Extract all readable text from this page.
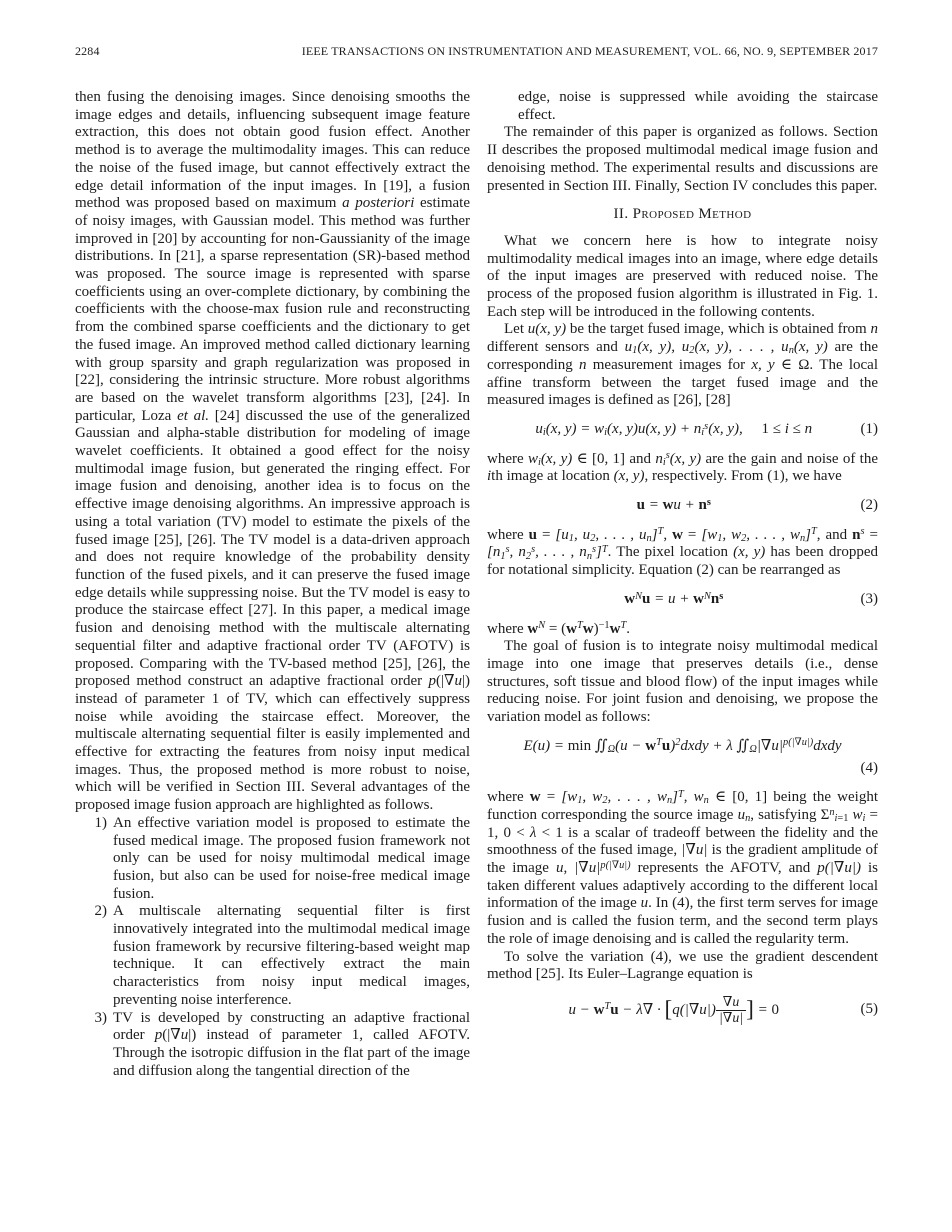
2284	IEEE TRANSACTIONS ON INSTRUMENTATION AND MEASUREMENT, VOL. 66, NO. 9, SEPTEMBER 2017

then fusing the denoising images. Since denoising smooths the image edges and details, influencing subsequent image feature extraction, this does not obtain good fusion effect. Another method is to average the multimodality images. This can reduce the noise of the fused image, but cannot effectively extract the edge detail information of the input images. In [19], a fusion method was proposed based on maximum a posteriori estimate of noisy images, with Gaussian model. This method was further improved in [20] by accounting for non-Gaussianity of the image distributions. In [21], a sparse representation (SR)-based method was proposed. The source image is represented with sparse coefficients using an over-complete dictionary, by combining the coefficients with the choose-max fusion rule and reconstructing from the combined sparse coefficients and the dictionary to get the fused image. An improved method called dictionary learning with group sparsity and graph regularization was proposed in [22], considering the intrinsic structure. More robust algorithms are based on the wavelet transform algorithms [23], [24]. In particular, Loza et al. [24] discussed the use of the generalized Gaussian and alpha-stable distribution for modeling of image wavelet coefficients. It obtained a good effect for the noisy multimodal image fusion, but generated the ringing effect. For image fusion and denoising, another idea is to focus on the effective image denoising algorithms. An impressive approach is using a total variation (TV) model to estimate the pixels of the fused image [25], [26]. The TV model is a data-driven approach and does not require knowledge of the probability density function of the fused pixels, and it can preserve the fused image edge details while suppressing noise. But the TV model is easy to produce the staircase effect [27]. In this paper, a medical image fusion and denoising method with the multiscale alternating sequential filter and adaptive fractional order TV (AFOTV) is proposed. Comparing with the TV-based method [25], [26], the proposed method construct an adaptive fractional order p(|∇u|) instead of parameter 1 of TV, which can effectively suppress noise while avoiding the staircase effect. Moreover, the multiscale alternating sequential filter is easily implemented and effective for extracting the features from noisy input medical images. Thus, the proposed method is more robust to noise, which will be verified in Section III. Several advantages of the proposed image fusion approach are highlighted as follows.

1) An effective variation model is proposed to estimate the fused medical image. The proposed fusion framework not only can be used for noisy multimodal medical image fusion, but also can be used for noise-free medical image fusion.
2) A multiscale alternating sequential filter is first innovatively integrated into the multimodal medical image fusion framework by recursive filtering-based weight map technique. It can effectively extract the main characteristics from noisy input medical images, preventing noise interference.
3) TV is developed by constructing an adaptive fractional order p(|∇u|) instead of parameter 1, called AFOTV. Through the isotropic diffusion in the flat part of the image and diffusion along the tangential direction of the
edge, noise is suppressed while avoiding the staircase effect.

The remainder of this paper is organized as follows. Section II describes the proposed multimodal medical image fusion and denoising method. The experimental results and discussions are presented in Section III. Finally, Section IV concludes this paper.

II. Proposed Method

What we concern here is how to integrate noisy multimodality medical images into an image, where edge details of the input images are preserved with reduced noise. The process of the proposed fusion algorithm is illustrated in Fig. 1. Each step will be introduced in the following contents.

Let u(x, y) be the target fused image, which is obtained from n different sensors and $u_1(x$, y), $u_2(x$, y), . . . , $u_n(x$, y) are the corresponding n measurement images for x, y ∈ Ω. The local affine transform between the target fused image and the measured images is defined as [26], [28]

$u_i(x$, $y) = w_i(x$, y)u(x, $y) + n_i^s(x$, y),  1 ≤ i ≤ n	(1)

where $w_i(x$, y) ∈ [0, 1] and $n_i^s(x$, y) are the gain and noise of the ith image at location (x, y), respectively. From (1), we have

u = wu + $n^s$	(2)

where $u = [u_1$, $u_2$, . . . , $u_n]^T$, $w = [w_1$, $w_2$, . . . , $w_n]^T$, and $n^s = [n_1^s$, $n_2^s$, . . . , $n_n^s]^T$. The pixel location (x, y) has been dropped for notational simplicity. Equation (2) can be rearranged as

$w^Nu = u + w^Nn^s$	(3)

where $w^N = (w^Tw)^{-1}w^T$.

The goal of fusion is to integrate noisy multimodal medical image into one image that preserves details (i.e., dense structures, soft tissue and blood flow) of the input images while reducing noise. For joint fusion and denoising, we propose the variation model as follows:

$E(u) = \min ∬_\Omega(u$ − $w^Tu)^2dxdy + \lambda$ $∬_\Omega|\nabla u|^{p(|\nabla u|)}dxdy$
(4)

where $w = [w_1$, $w_2$, . . . , $w_n]^T$, $w_n$ ∈ [0, 1] being the weight function corresponding the source image $u_n$, satisfying $\Sigma^n_{i=1}$ $w_i = 1$, 0 < λ < 1 is a scalar of tradeoff between the fidelity and the smoothness of the fused image, |∇u| is the gradient amplitude of the image u, $|\nabla u|^{p(|\nabla u|)}$ represents the AFOTV, and p(|∇u|) is taken different values adaptively according to the different local information of the image u. In (4), the first term serves for image fusion and is called the fusion term, and the second term plays the role of image denoising and is called the regularity term.

To solve the variation (4), we use the gradient descendent method [25]. Its Euler–Lagrange equation is

$u - w^Tu - \lambda\nabla \cdot [q(|\nabla u|) \frac{\nabla u}{|\nabla u|}$ ] = 0	(5)
